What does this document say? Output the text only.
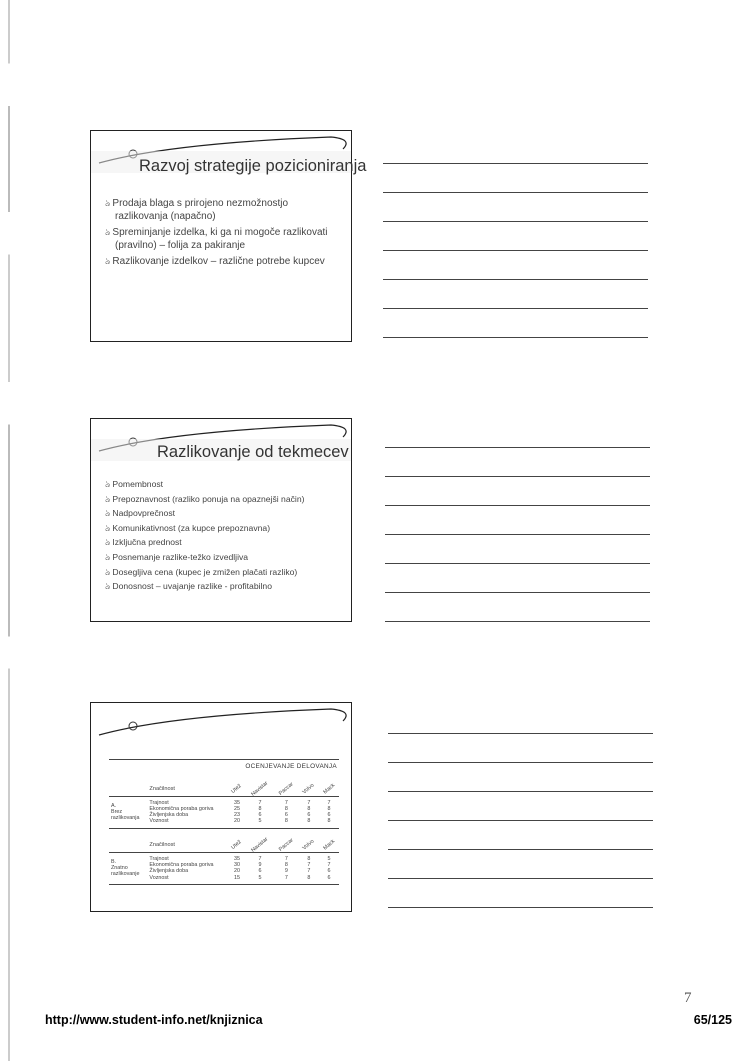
Razvoj strategije pozicioniranja
ঌ Prodaja blaga s prirojeno nezmožnostjo razlikovanja (napačno)
ঌ Spreminjanje izdelka, ki ga ni mogoče razlikovati (pravilno) – folija za pakiranje
ঌ Razlikovanje izdelkov – različne potrebe kupcev
Razlikovanje od tekmecev
ঌ Pomembnost
ঌ Prepoznavnost (razliko ponuja na opaznejši način)
ঌ Nadpovprečnost
ঌ Komunikativnost (za kupce prepoznavna)
ঌ Izključna prednost
ঌ Posnemanje razlike-težko izvedljiva
ঌ Dosegljiva cena (kupec je zmižen plačati razliko)
ঌ Donosnost – uvajanje razlike - profitabilno
OCENJEVANJE DELOVANJA
	Značilnost	Utež	Navistar	Paccar	Volvo	Mack

A.
Brez
razlikovanja	Trajnost	35	7	7	7	7
	Ekonomična poraba goriva	25	8	8	8	8
	Življenjska doba	23	6	6	6	6
	Voznost	20	5	8	8	8

	Značilnost	Utež	Navistar	Paccar	Volvo	Mack

B.
Znatno
razlikovanje	Trajnost	35	7	7	8	5
	Ekonomična poraba goriva	30	9	8	7	7
	Življenjska doba	20	6	9	7	6
	Voznost	15	5	7	8	6

7
http://www.student-info.net/knjiznica	65/125
